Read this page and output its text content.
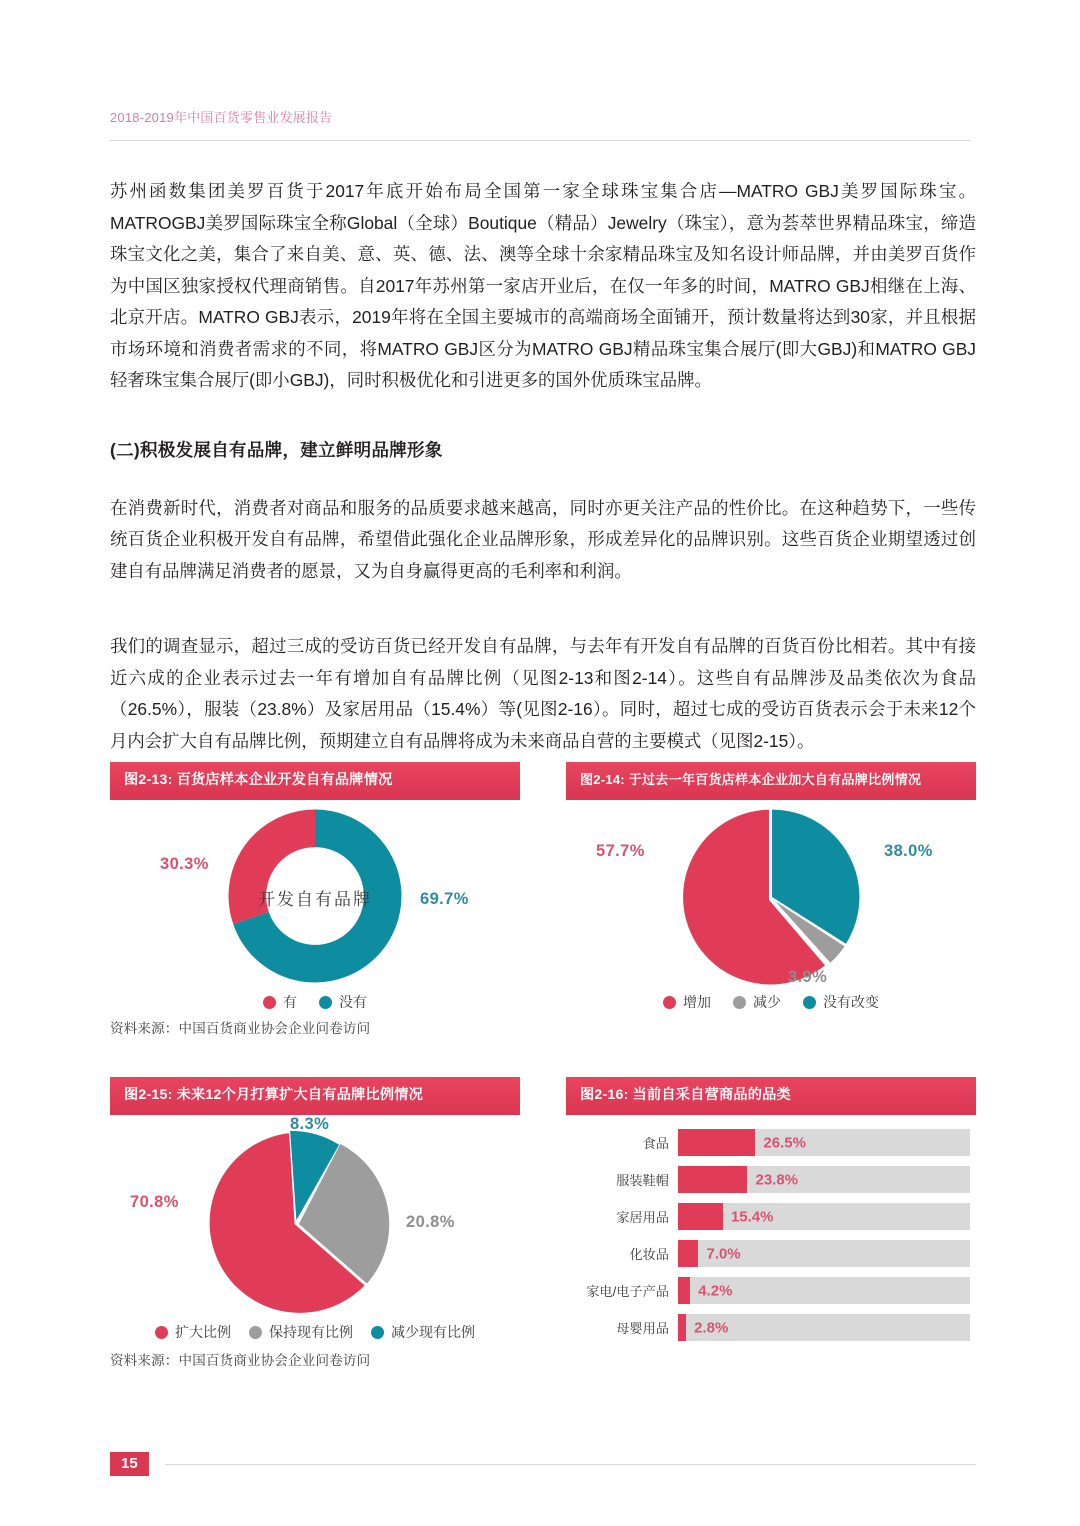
2018-2019年中国百货零售业发展报告

苏州函数集团美罗百货于2017年底开始布局全国第一家全球珠宝集合店—MATRO GBJ美罗国际珠宝。MATROGBJ美罗国际珠宝全称Global（全球）Boutique（精品）Jewelry（珠宝），意为荟萃世界精品珠宝，缔造珠宝文化之美，集合了来自美、意、英、德、法、澳等全球十余家精品珠宝及知名设计师品牌，并由美罗百货作为中国区独家授权代理商销售。自2017年苏州第一家店开业后，在仅一年多的时间，MATRO GBJ相继在上海、北京开店。MATRO GBJ表示，2019年将在全国主要城市的高端商场全面铺开，预计数量将达到30家，并且根据市场环境和消费者需求的不同，将MATRO GBJ区分为MATRO GBJ精品珠宝集合展厅(即大GBJ)和MATRO GBJ轻奢珠宝集合展厅(即小GBJ)，同时积极优化和引进更多的国外优质珠宝品牌。

(二)积极发展自有品牌，建立鲜明品牌形象

在消费新时代，消费者对商品和服务的品质要求越来越高，同时亦更关注产品的性价比。在这种趋势下，一些传统百货企业积极开发自有品牌，希望借此强化企业品牌形象，形成差异化的品牌识别。这些百货企业期望透过创建自有品牌满足消费者的愿景，又为自身赢得更高的毛利率和利润。

我们的调查显示，超过三成的受访百货已经开发自有品牌，与去年有开发自有品牌的百货百份比相若。其中有接近六成的企业表示过去一年有增加自有品牌比例（见图2-13和图2-14）。这些自有品牌涉及品类依次为食品（26.5%），服装（23.8%）及家居用品（15.4%）等(见图2-16）。同时，超过七成的受访百货表示会于未来12个月内会扩大自有品牌比例，预期建立自有品牌将成为未来商品自营的主要模式（见图2-15）。

图2-13: 百货店样本企业开发自有品牌情况
开发自有品牌
30.3%
69.7%
有	没有
资料来源：中国百货商业协会企业问卷访问
图2-14: 于过去一年百货店样本企业加大自有品牌比例情况
57.7%
3.9%
38.0%
增加	减少	没有改变
图2-15: 未来12个月打算扩大自有品牌比例情况
8.3%
70.8%
20.8%
扩大比例	保持现有比例	减少现有比例
资料来源：中国百货商业协会企业问卷访问
图2-16: 当前自采自营商品的品类
食品	26.5%
服装鞋帽	23.8%
家居用品	15.4%
化妆品	7.0%
家电/电子产品	4.2%
母婴用品	2.8%
15
